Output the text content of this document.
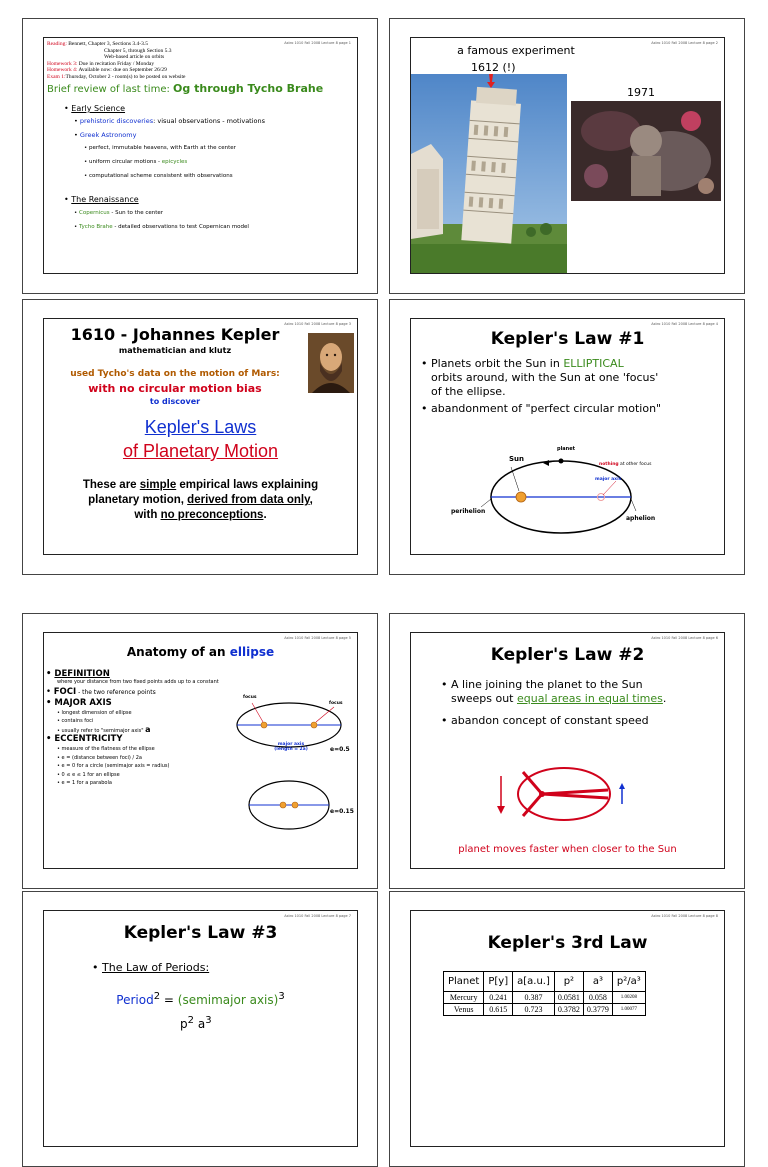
Astro 1010 Fall 2008 Lecture 8 page 1
Reading: Bennett, Chapter 3, Sections 3.4-3.5
Chapter 5, through Section 5.3
Web-based article on orbits
Homework 3: Due in recitation Friday / Monday
Homework 4: Available now: due on September 26/29
Exam 1:Thursday, October 2 - room(s) to be posted on website
Brief review of last time: Og through Tycho Brahe
• Early Science
• prehistoric discoveries: visual observations - motivations
• Greek Astronomy
• perfect, immutable heavens, with Earth at the center
• uniform circular motions - epicycles
• computational scheme consistent with observations
• The Renaissance
• Copernicus - Sun to the center
• Tycho Brahe - detailed observations to test Copernican model
Astro 1010 Fall 2008 Lecture 8 page 2
a famous experiment
1612 (!)
1971
Astro 1010 Fall 2008 Lecture 8 page 3
1610 - Johannes Kepler
mathematician and klutz
used Tycho's data on the motion of Mars:
with no circular motion bias
to discover
Kepler's Laws
of Planetary Motion
These are simple empirical laws explaining
planetary motion, derived from data only,
with no preconceptions.
Astro 1010 Fall 2008 Lecture 8 page 4
Kepler's Law #1
• Planets orbit the Sun in ELLIPTICAL
orbits around, with the Sun at one 'focus'
of the ellipse.
• abandonment of "perfect circular motion"
Sun
planet
nothing at other focus
major axis
perihelion
aphelion
Astro 1010 Fall 2008 Lecture 8 page 5
Anatomy of an ellipse
• DEFINITION
where your distance from two fixed points adds up to a constant
• FOCI - the two reference points
• MAJOR AXIS
• longest dimension of ellipse
• contains foci
• usually refer to "semimajor axis" a
• ECCENTRICITY
• measure of the flatness of the ellipse
• e = (distance between foci) / 2a
• e = 0 for a circle (semimajor axis = radius)
• 0 ≤ e ≤ 1 for an ellipse
• e = 1 for a parabola
focus
focus
major axis
(length = 2a)	e=0.5
e=0.15
Astro 1010 Fall 2008 Lecture 8 page 6
Kepler's Law #2
• A line joining the planet to the Sun
sweeps out equal areas in equal times.
• abandon concept of constant speed
planet moves faster when closer to the Sun
Astro 1010 Fall 2008 Lecture 8 page 7
Kepler's Law #3
• The Law of Periods:
Period$^2$ = (semimajor axis)$^3$
$p^2$ $a^3$
Astro 1010 Fall 2008 Lecture 8 page 8
Kepler's 3rd Law
Planet	P[y]	a[a.u.]	p²	a³	p²/a³
Mercury	0.241	0.387	0.0581	0.058	1.00208
Venus	0.615	0.723	0.3782	0.3779	1.00077
